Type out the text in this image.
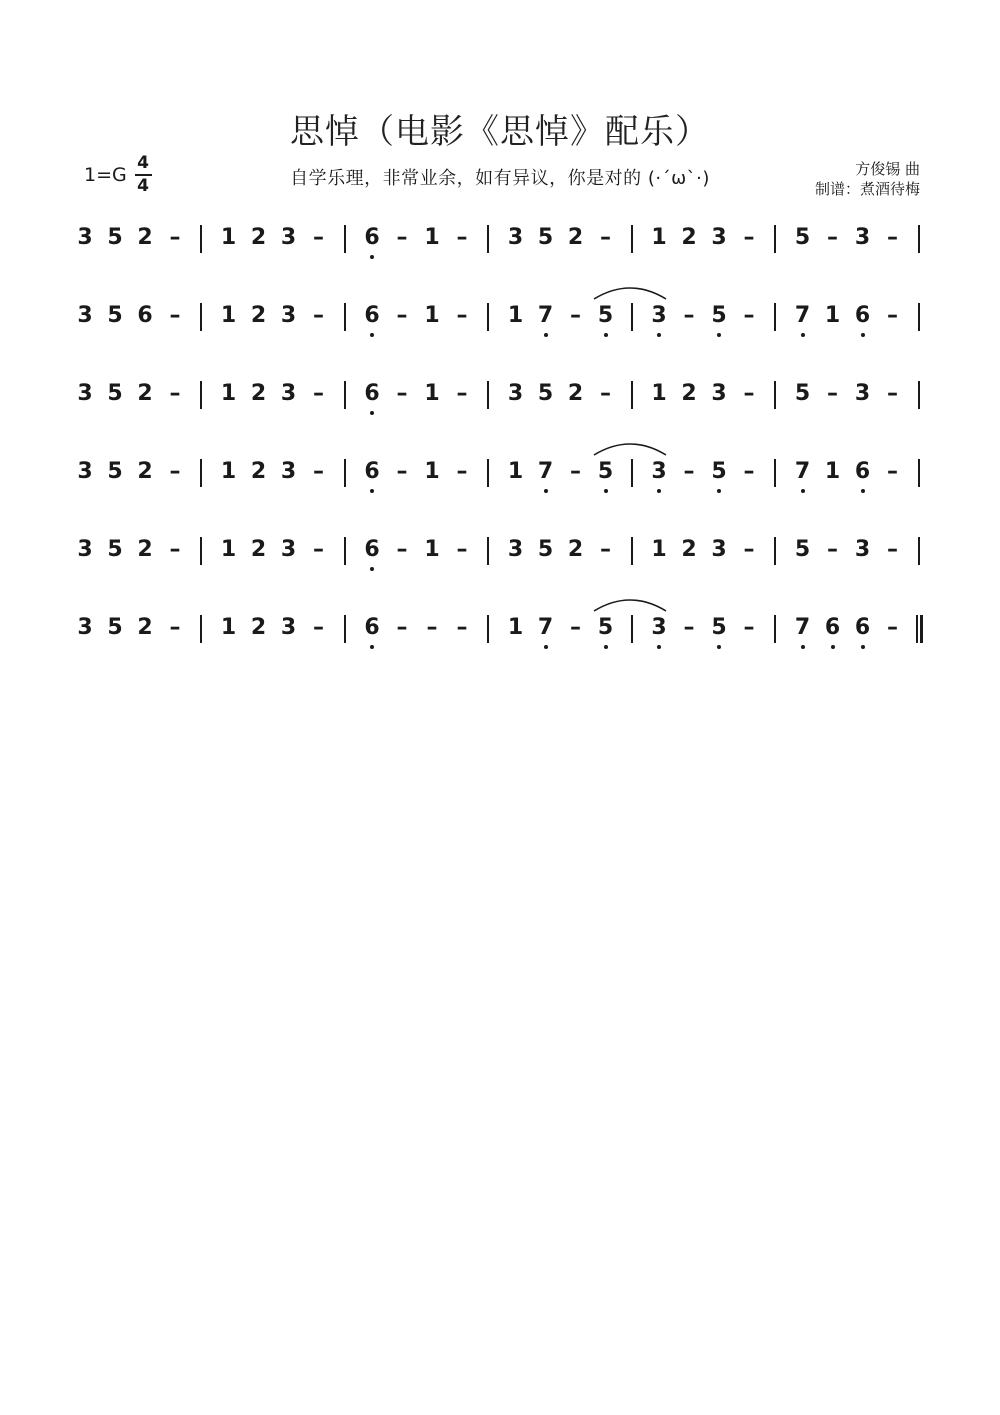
思悼（电影《思悼》配乐）
1=G
4
4	自学乐理，非常业余，如有异议，你是对的 (·´ω`·)	方俊锡 曲
制谱：煮酒待梅
3 5 2 –	1 2 3 –	6 – 1 –	3 5 2 –	1 2 3 –	5 – 3 –
3 5 6 –	1 2 3 –	6 – 1 –	1 7 – 5	3 – 5 –	7 1 6 –
3 5 2 –	1 2 3 –	6 – 1 –	3 5 2 –	1 2 3 –	5 – 3 –
3 5 2 –	1 2 3 –	6 – 1 –	1 7 – 5	3 – 5 –	7 1 6 –
3 5 2 –	1 2 3 –	6 – 1 –	3 5 2 –	1 2 3 –	5 – 3 –
3 5 2 –	1 2 3 –	6 – – –	1 7 – 5	3 – 5 –	7 6 6 –
